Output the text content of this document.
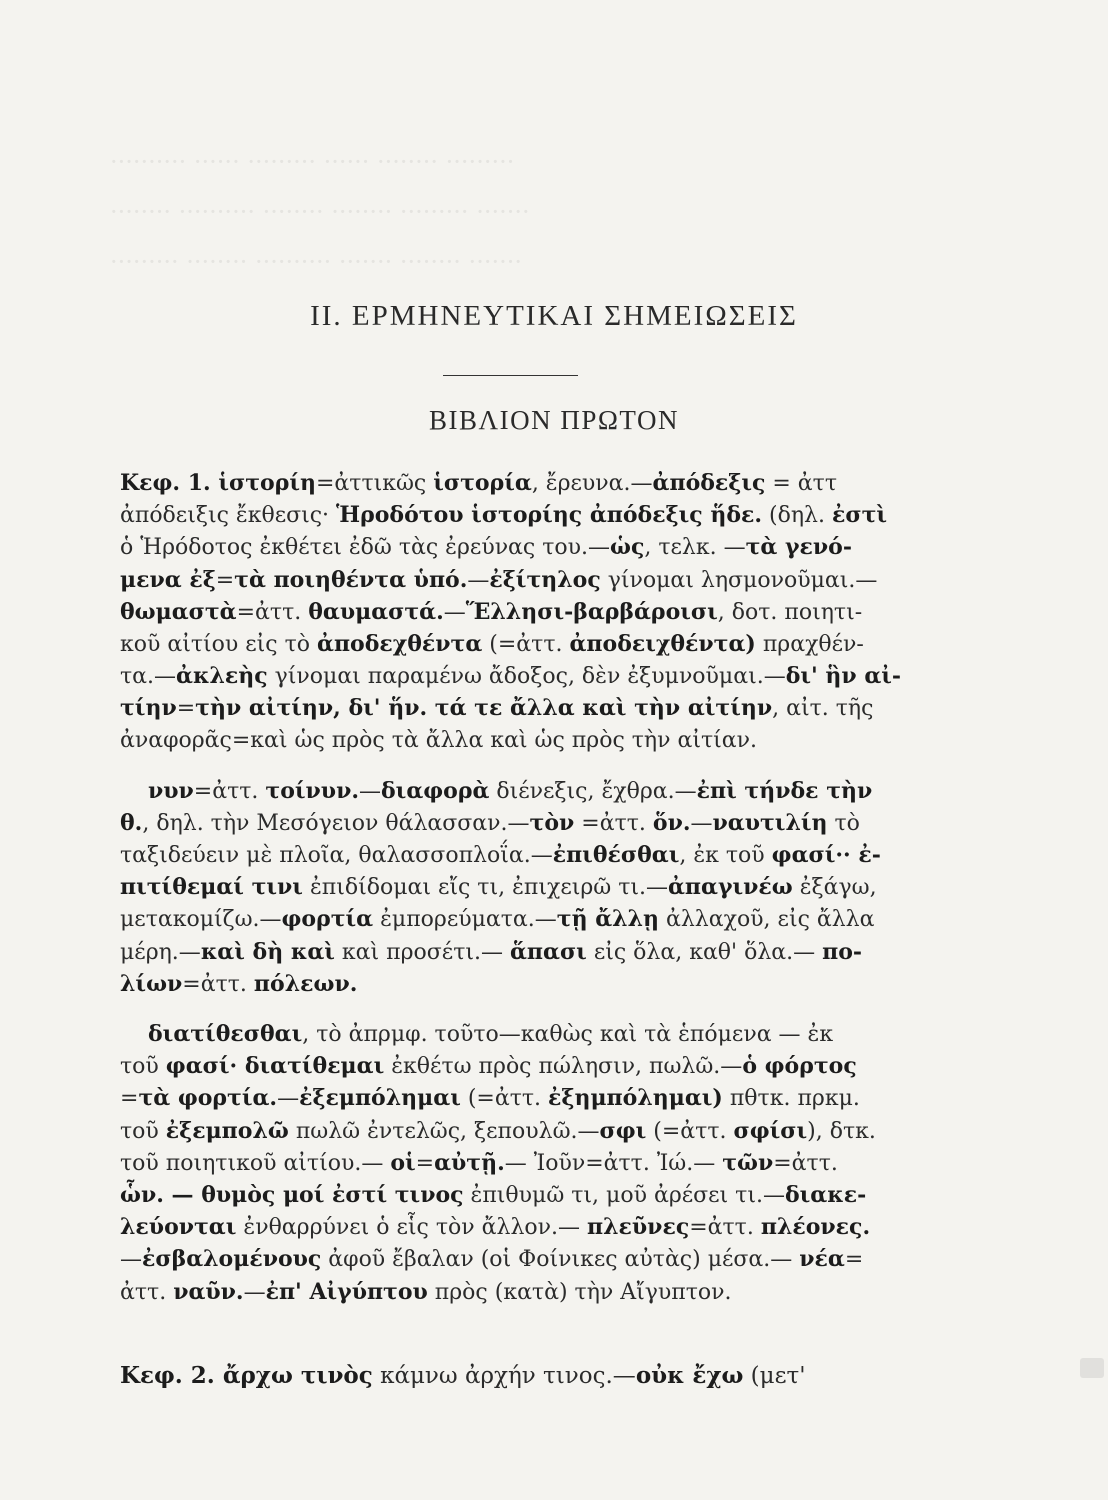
·········· ······ ········· ······ ········ ·········
········ ·········· ········ ········ ········· ·······
········· ········ ·········· ······· ········ ·······
II. ΕΡΜΗΝΕΥΤΙΚΑΙ ΣΗΜΕΙΩΣΕΙΣ
ΒΙΒΛΙΟΝ ΠΡΩΤΟΝ
Κεφ. 1. ἱστορίη=ἀττικῶς ἱστορία, ἔρευνα.—ἀπόδεξις = ἀττ
ἀπόδειξις ἔκθεσις· Ἡροδότου ἱστορίης ἀπόδεξις ἥδε. (δηλ. ἐστὶ
ὁ Ἡρόδοτος ἐκθέτει ἐδῶ τὰς ἐρεύνας του.—ὡς, τελκ. —τὰ γενό-
μενα ἐξ=τὰ ποιηθέντα ὑπό.—ἐξίτηλος γίνομαι λησμονοῦμαι.—
θωμαστὰ=ἀττ. θαυμαστά.—Ἕλλησι-βαρβάροισι, δοτ. ποιητι-
κοῦ αἰτίου εἰς τὸ ἀποδεχθέντα (=ἀττ. ἀποδειχθέντα) πραχθέν-
τα.—ἀκλεὴς γίνομαι παραμένω ἄδοξος, δὲν ἐξυμνοῦμαι.—δι' ἣν αἰ-
τίην=τὴν αἰτίην, δι' ἥν. τά τε ἄλλα καὶ τὴν αἰτίην, αἰτ. τῆς
ἀναφορᾶς=καὶ ὡς πρὸς τὰ ἄλλα καὶ ὡς πρὸς τὴν αἰτίαν.
νυν=ἀττ. τοίνυν.—διαφορὰ διένεξις, ἔχθρα.—ἐπὶ τήνδε τὴν
θ., δηλ. τὴν Μεσόγειον θάλασσαν.—τὸν =ἀττ. ὅν.—ναυτιλίη τὸ
ταξιδεύειν μὲ πλοῖα, θαλασσοπλοΐα.—ἐπιθέσθαι, ἐκ τοῦ φασί·· ἐ-
πιτίθεμαί τινι ἐπιδίδομαι εἴς τι, ἐπιχειρῶ τι.—ἀπαγινέω ἐξάγω,
μετακομίζω.—φορτία ἐμπορεύματα.—τῇ ἄλλῃ ἀλλαχοῦ, εἰς ἄλλα
μέρη.—καὶ δὴ καὶ καὶ προσέτι.— ἅπασι εἰς ὅλα, καθ' ὅλα.— πο-
λίων=ἀττ. πόλεων.
διατίθεσθαι, τὸ ἀπρμφ. τοῦτο—καθὼς καὶ τὰ ἑπόμενα — ἐκ
τοῦ φασί· διατίθεμαι ἐκθέτω πρὸς πώλησιν, πωλῶ.—ὁ φόρτος
=τὰ φορτία.—ἐξεμπόλημαι (=ἀττ. ἐξημπόλημαι) πθτκ. πρκμ.
τοῦ ἐξεμπολῶ πωλῶ ἐντελῶς, ξεπουλῶ.—σφι (=ἀττ. σφίσι), δτκ.
τοῦ ποιητικοῦ αἰτίου.— οἱ=αὐτῇ.— Ἰοῦν=ἀττ. Ἰώ.— τῶν=ἀττ.
ὧν. — θυμὸς μοί ἐστί τινος ἐπιθυμῶ τι, μοῦ ἀρέσει τι.—διακε-
λεύονται ἐνθαρρύνει ὁ εἷς τὸν ἄλλον.— πλεῦνες=ἀττ. πλέονες.
—ἐσβαλομένους ἀφοῦ ἔβαλαν (οἱ Φοίνικες αὐτὰς) μέσα.— νέα=
ἀττ. ναῦν.—ἐπ' Αἰγύπτου πρὸς (κατὰ) τὴν Αἴγυπτον.
Κεφ. 2. ἄρχω τινὸς κάμνω ἀρχήν τινος.—οὐκ ἔχω (μετ'
